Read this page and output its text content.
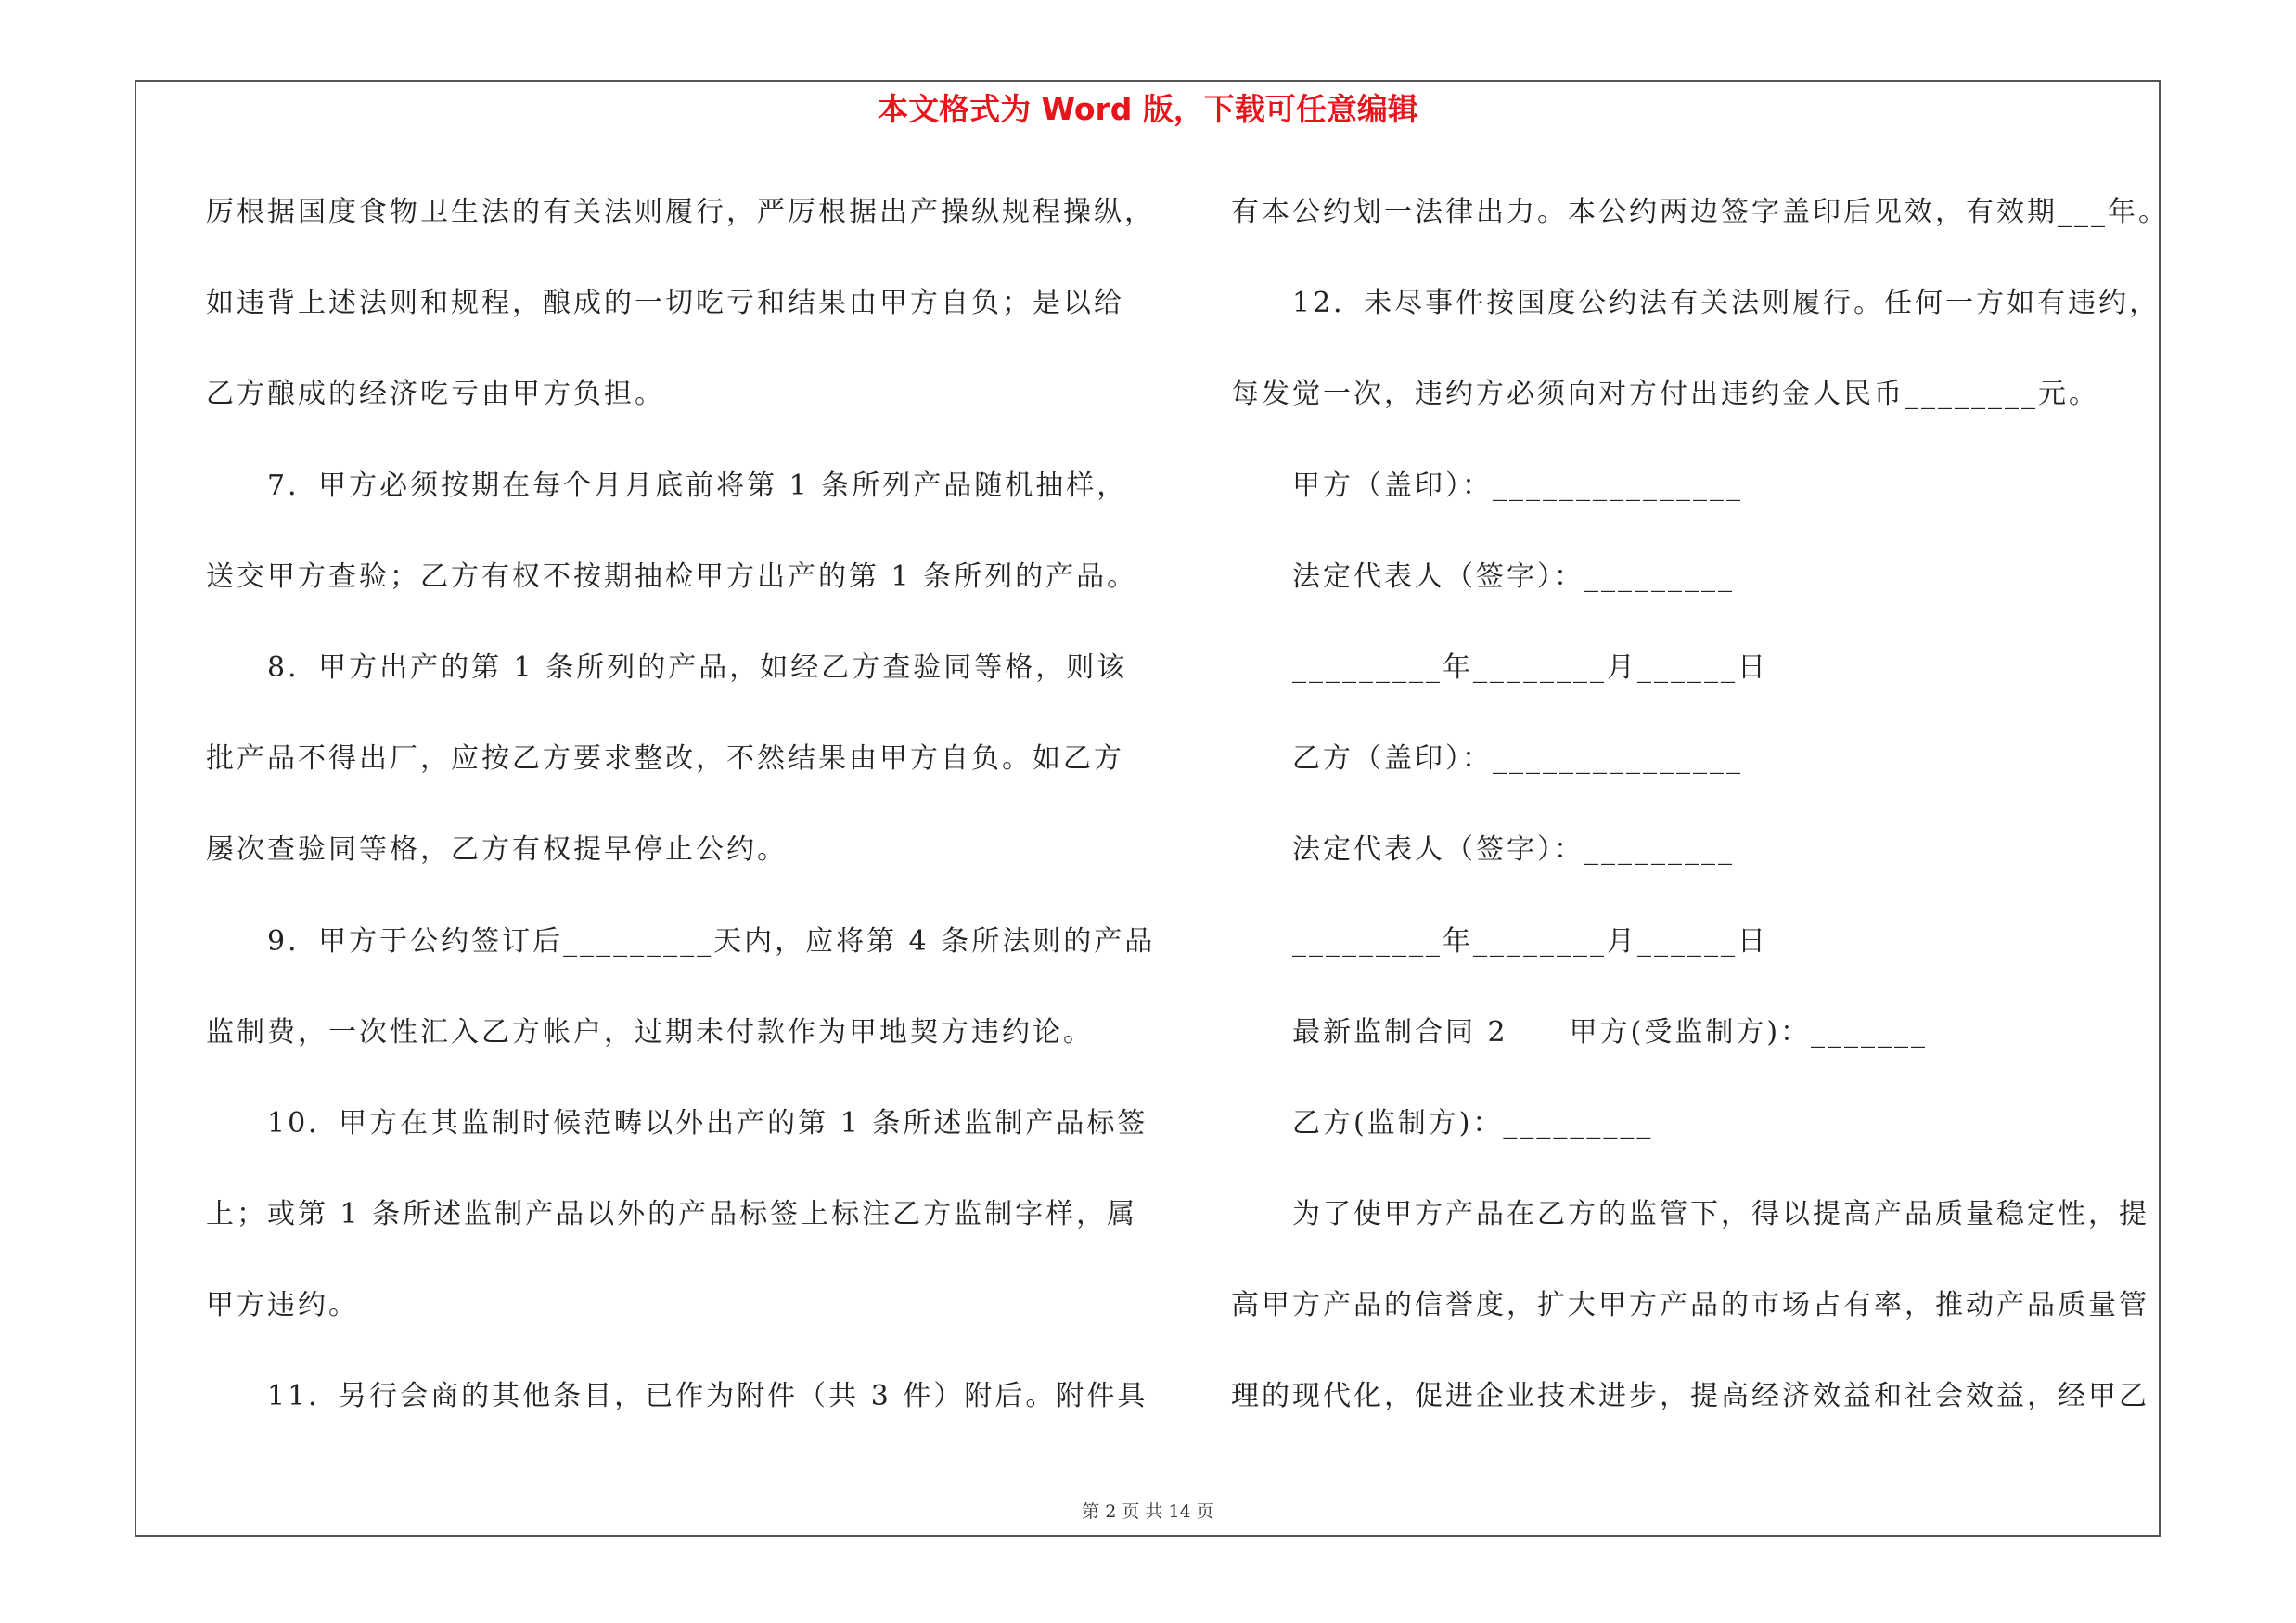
本文格式为 Word 版，下载可任意编辑
厉根据国度食物卫生法的有关法则履行，严厉根据出产操纵规程操纵，
如违背上述法则和规程，酿成的一切吃亏和结果由甲方自负；是以给
乙方酿成的经济吃亏由甲方负担。
7．甲方必须按期在每个月月底前将第 1 条所列产品随机抽样，
送交甲方查验；乙方有权不按期抽检甲方出产的第 1 条所列的产品。
8．甲方出产的第 1 条所列的产品，如经乙方查验同等格，则该
批产品不得出厂，应按乙方要求整改，不然结果由甲方自负。如乙方
屡次查验同等格，乙方有权提早停止公约。
9．甲方于公约签订后_________天内，应将第 4 条所法则的产品
监制费，一次性汇入乙方帐户，过期未付款作为甲地契方违约论。
10．甲方在其监制时候范畴以外出产的第 1 条所述监制产品标签
上；或第 1 条所述监制产品以外的产品标签上标注乙方监制字样，属
甲方违约。
11．另行会商的其他条目，已作为附件（共 3 件）附后。附件具
有本公约划一法律出力。本公约两边签字盖印后见效，有效期___年。
12．未尽事件按国度公约法有关法则履行。任何一方如有违约，
每发觉一次，违约方必须向对方付出违约金人民币________元。
甲方（盖印）：_______________
法定代表人（签字）：_________
_________年________月______日
乙方（盖印）：_______________
法定代表人（签字）：_________
_________年________月______日
最新监制合同 2　　甲方(受监制方)：_______
乙方(监制方)：_________
为了使甲方产品在乙方的监管下，得以提高产品质量稳定性，提
高甲方产品的信誉度，扩大甲方产品的市场占有率，推动产品质量管
理的现代化，促进企业技术进步，提高经济效益和社会效益，经甲乙
第 2 页 共 14 页
